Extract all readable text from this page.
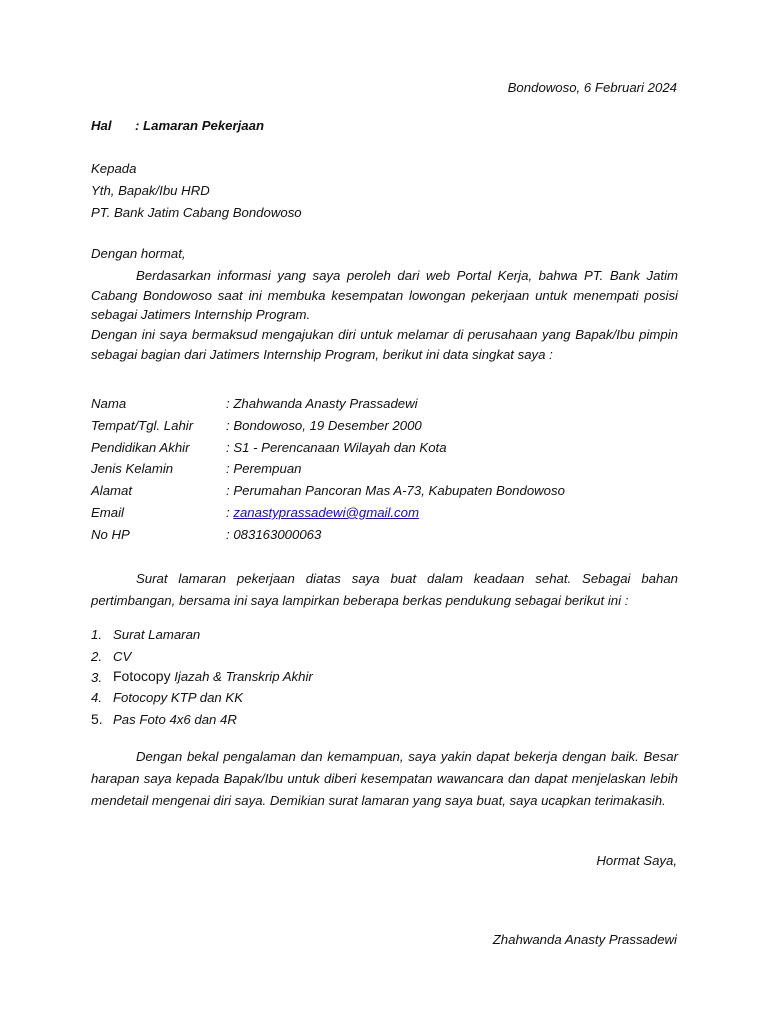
Bondowoso, 6 Februari 2024
Hal : Lamaran Pekerjaan
Kepada
Yth, Bapak/Ibu HRD
PT. Bank Jatim Cabang Bondowoso
Dengan hormat,

Berdasarkan informasi yang saya peroleh dari web Portal Kerja, bahwa PT. Bank Jatim Cabang Bondowoso saat ini membuka kesempatan lowongan pekerjaan untuk menempati posisi sebagai Jatimers Internship Program.

Dengan ini saya bermaksud mengajukan diri untuk melamar di perusahaan yang Bapak/Ibu pimpin sebagai bagian dari Jatimers Internship Program, berikut ini data singkat saya :

Nama	: Zhahwanda Anasty Prassadewi
Tempat/Tgl. Lahir : Bondowoso, 19 Desember 2000
Pendidikan Akhir	: S1 - Perencanaan Wilayah dan Kota
Jenis Kelamin	: Perempuan
Alamat	: Perumahan Pancoran Mas A-73, Kabupaten Bondowoso
Email	: zanastyprassadewi@gmail.com
No HP	: 083163000063

Surat lamaran pekerjaan diatas saya buat dalam keadaan sehat. Sebagai bahan pertimbangan, bersama ini saya lampirkan beberapa berkas pendukung sebagai berikut ini :

1. Surat Lamaran
2. CV
3. Fotocopy Ijazah & Transkrip Akhir
4. Fotocopy KTP dan KK
5. Pas Foto 4x6 dan 4R

Dengan bekal pengalaman dan kemampuan, saya yakin dapat bekerja dengan baik. Besar harapan saya kepada Bapak/Ibu untuk diberi kesempatan wawancara dan dapat menjelaskan lebih mendetail mengenai diri saya. Demikian surat lamaran yang saya buat, saya ucapkan terimakasih.

Hormat Saya,
Zhahwanda Anasty Prassadewi
